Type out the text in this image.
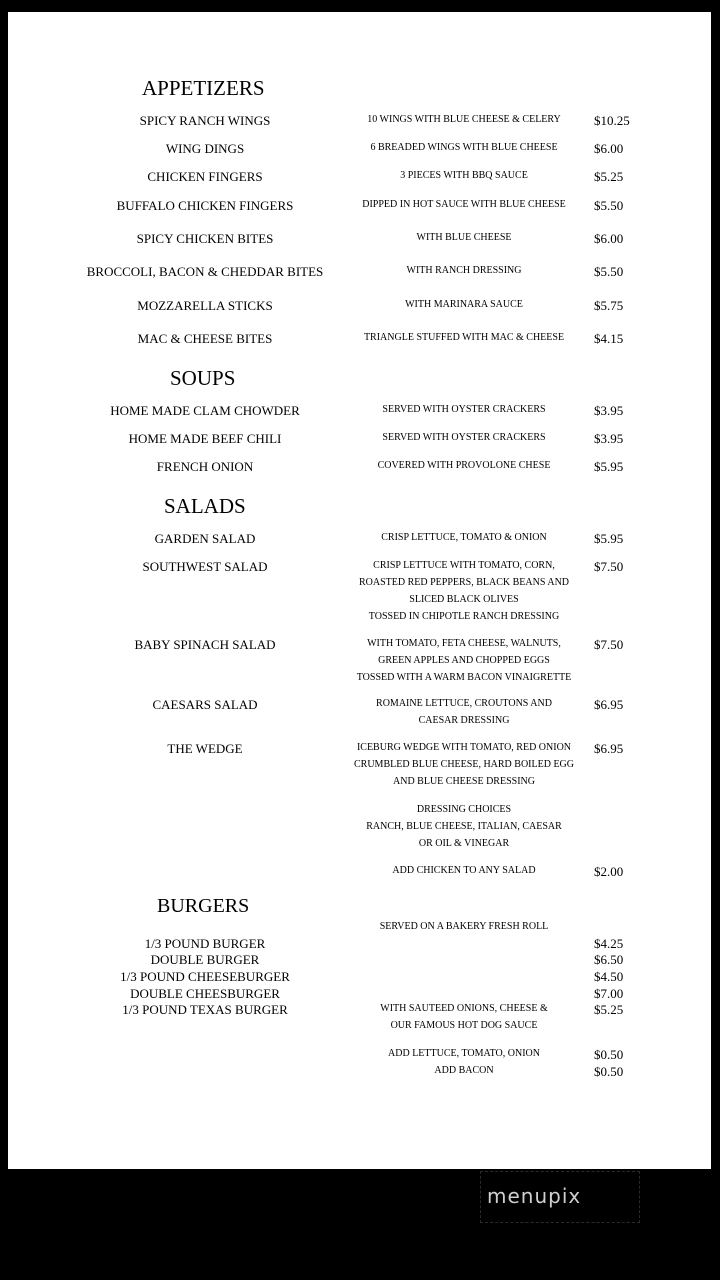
APPETIZERS
SPICY RANCH WINGS	10 WINGS WITH BLUE CHEESE & CELERY	$10.25
WING DINGS	6 BREADED WINGS WITH BLUE CHEESE	$6.00
CHICKEN FINGERS	3 PIECES WITH BBQ SAUCE	$5.25
BUFFALO CHICKEN FINGERS	DIPPED IN HOT SAUCE WITH BLUE CHEESE $5.50
SPICY CHICKEN BITES	WITH BLUE CHEESE	$6.00
BROCCOLI, BACON & CHEDDAR BITES	WITH RANCH DRESSING	$5.50
MOZZARELLA STICKS	WITH MARINARA SAUCE	$5.75
MAC & CHEESE BITES	TRIANGLE STUFFED WITH MAC & CHEESE $4.15
SOUPS
HOME MADE CLAM CHOWDER	SERVED WITH OYSTER CRACKERS	$3.95
HOME MADE BEEF CHILI	SERVED WITH OYSTER CRACKERS	$3.95
FRENCH ONION	COVERED WITH PROVOLONE CHESE	$5.95
SALADS
GARDEN SALAD	CRISP LETTUCE, TOMATO & ONION	$5.95
SOUTHWEST SALAD	CRISP LETTUCE WITH TOMATO, CORN,
ROASTED RED PEPPERS, BLACK BEANS AND
SLICED BLACK OLIVES
TOSSED IN CHIPOTLE RANCH DRESSING
$7.50
BABY SPINACH SALAD	WITH TOMATO, FETA CHEESE, WALNUTS,
GREEN APPLES AND CHOPPED EGGS
TOSSED WITH A WARM BACON VINAIGRETTE
$7.50
CAESARS SALAD	ROMAINE LETTUCE, CROUTONS AND
CAESAR DRESSING
$6.95
THE WEDGE	ICEBURG WEDGE WITH TOMATO, RED ONION
CRUMBLED BLUE CHEESE, HARD BOILED EGG
AND BLUE CHEESE DRESSING
$6.95
DRESSING CHOICES
RANCH, BLUE CHEESE, ITALIAN, CAESAR
OR OIL & VINEGAR
ADD CHICKEN TO ANY SALAD	$2.00
BURGERS
SERVED ON A BAKERY FRESH ROLL
1/3 POUND BURGER	$4.25
DOUBLE BURGER	$6.50
1/3 POUND CHEESEBURGER	$4.50
DOUBLE CHEESBURGER	$7.00
1/3 POUND TEXAS BURGER	WITH SAUTEED ONIONS, CHEESE &
OUR FAMOUS HOT DOG SAUCE
$5.25
ADD LETTUCE, TOMATO, ONION	$0.50
ADD BACON	$0.50
menupix
